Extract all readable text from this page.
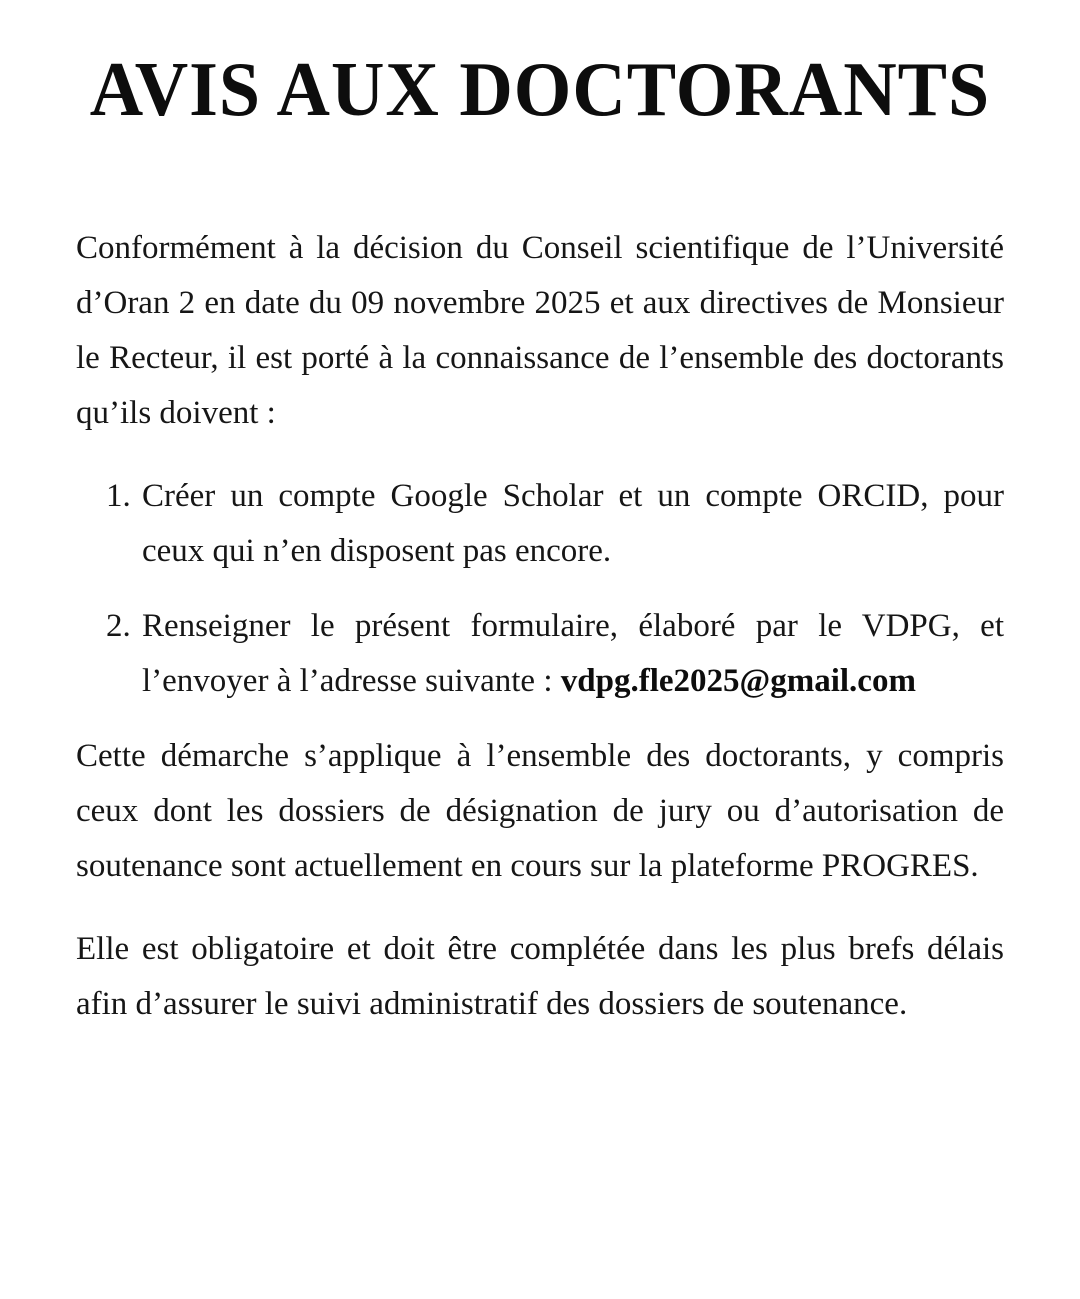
AVIS AUX DOCTORANTS

Conformément à la décision du Conseil scientifique de l’Université d’Oran 2 en date du 09 novembre 2025 et aux directives de Monsieur le Recteur, il est porté à la connaissance de l’ensemble des doctorants qu’ils doivent :

1. Créer un compte Google Scholar et un compte ORCID, pour ceux qui n’en disposent pas encore.
2. Renseigner le présent formulaire, élaboré par le VDPG, et l’envoyer à l’adresse suivante : vdpg.fle2025@gmail.com

Cette démarche s’applique à l’ensemble des doctorants, y compris ceux dont les dossiers de désignation de jury ou d’autorisation de soutenance sont actuellement en cours sur la plateforme PROGRES.

Elle est obligatoire et doit être complétée dans les plus brefs délais afin d’assurer le suivi administratif des dossiers de soutenance.
